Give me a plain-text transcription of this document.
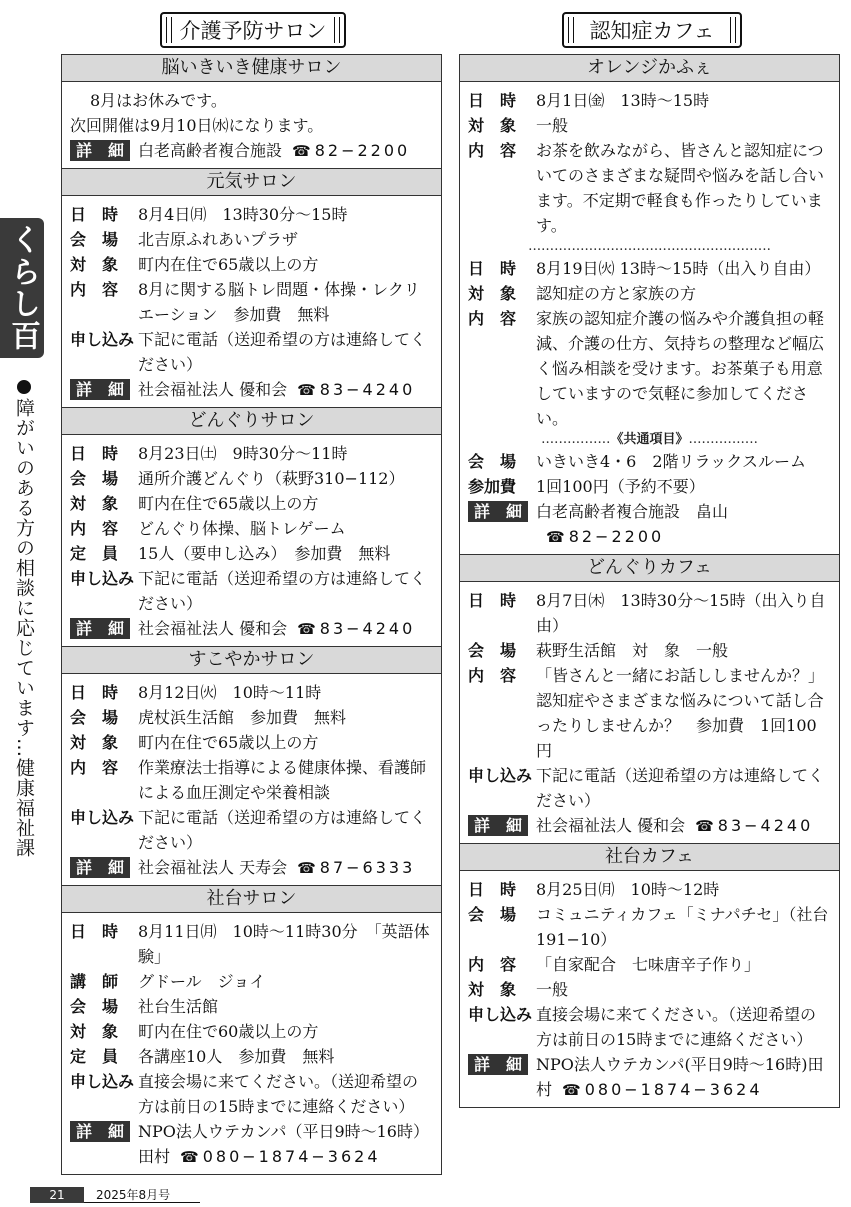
くらし百
障がいのある方の相談に応じています…健康福祉課
介護予防サロン	認知症カフェ
脳いきいき健康サロン
8月はお休みです。
次回開催は9月10日㈬になります。
詳　細 白老高齢者複合施設 ☎ 82−2200
元気サロン
日　時	8月4日㈪　13時30分～15時
会　場	北吉原ふれあいプラザ
対　象	町内在住で65歳以上の方
内　容	8月に関する脳トレ問題・体操・レクリエーション　参加費　無料
申し込み 下記に電話（送迎希望の方は連絡してください）
詳　細 社会福祉法人 優和会 ☎ 83−4240
どんぐりサロン
日　時	8月23日㈯　9時30分～11時
会　場	通所介護どんぐり（萩野310−112）
対　象	町内在住で65歳以上の方
内　容	どんぐり体操、脳トレゲーム
定　員	15人（要申し込み）　参加費　無料
申し込み 下記に電話（送迎希望の方は連絡してください）
詳　細 社会福祉法人 優和会 ☎ 83−4240
すこやかサロン
日　時	8月12日㈫　10時～11時
会　場	虎杖浜生活館　参加費　無料
対　象	町内在住で65歳以上の方
内　容	作業療法士指導による健康体操、看護師による血圧測定や栄養相談
申し込み 下記に電話（送迎希望の方は連絡してください）
詳　細 社会福祉法人 天寿会 ☎ 87−6333
社台サロン
日　時	8月11日㈪　10時～11時30分　「英語体験」
講　師	グドール　ジョイ
会　場	社台生活館
対　象	町内在住で60歳以上の方
定　員	各講座10人　参加費　無料
申し込み 直接会場に来てください。（送迎希望の方は前日の15時までに連絡ください）
詳　細 NPO法人ウテカンパ（平日9時～16時）田村 ☎ 080−1874−3624
オレンジかふぇ
日　時	8月1日㈮　13時～15時
対　象	一般
内　容	お茶を飲みながら、皆さんと認知症についてのさまざまな疑問や悩みを話し合います。不定期で軽食も作ったりしています。
‥‥‥‥‥‥‥‥‥‥‥‥‥‥‥‥‥‥‥‥‥‥‥‥‥‥‥‥
日　時	8月19日㈫ 13時～15時（出入り自由）
対　象	認知症の方と家族の方
内　容	家族の認知症介護の悩みや介護負担の軽減、介護の仕方、気持ちの整理など幅広く悩み相談を受けます。お茶菓子も用意していますので気軽に参加してください。
‥‥‥‥‥‥‥‥《共通項目》‥‥‥‥‥‥‥‥
会　場	いきいき4・6　2階リラックスルーム
参加費	1回100円（予約不要）
詳　細 白老高齢者複合施設　畠山☎ 82−2200
どんぐりカフェ
日　時	8月7日㈭　13時30分～15時（出入り自由）
会　場	萩野生活館　対　象　一般
内　容	「皆さんと一緒にお話ししませんか？」認知症やさまざまな悩みについて話し合ったりしませんか？　参加費　1回100円
申し込み 下記に電話（送迎希望の方は連絡してください）
詳　細 社会福祉法人 優和会 ☎ 83−4240
社台カフェ
日　時	8月25日㈪　10時～12時
会　場	コミュニティカフェ「ミナパチセ」（社台191−10）
内　容	「自家配合　七味唐辛子作り」
対　象	一般
申し込み 直接会場に来てください。（送迎希望の方は前日の15時までに連絡ください）
詳　細 NPO法人ウテカンパ(平日9時～16時)田村 ☎ 080−1874−3624
21	2025年8月号
